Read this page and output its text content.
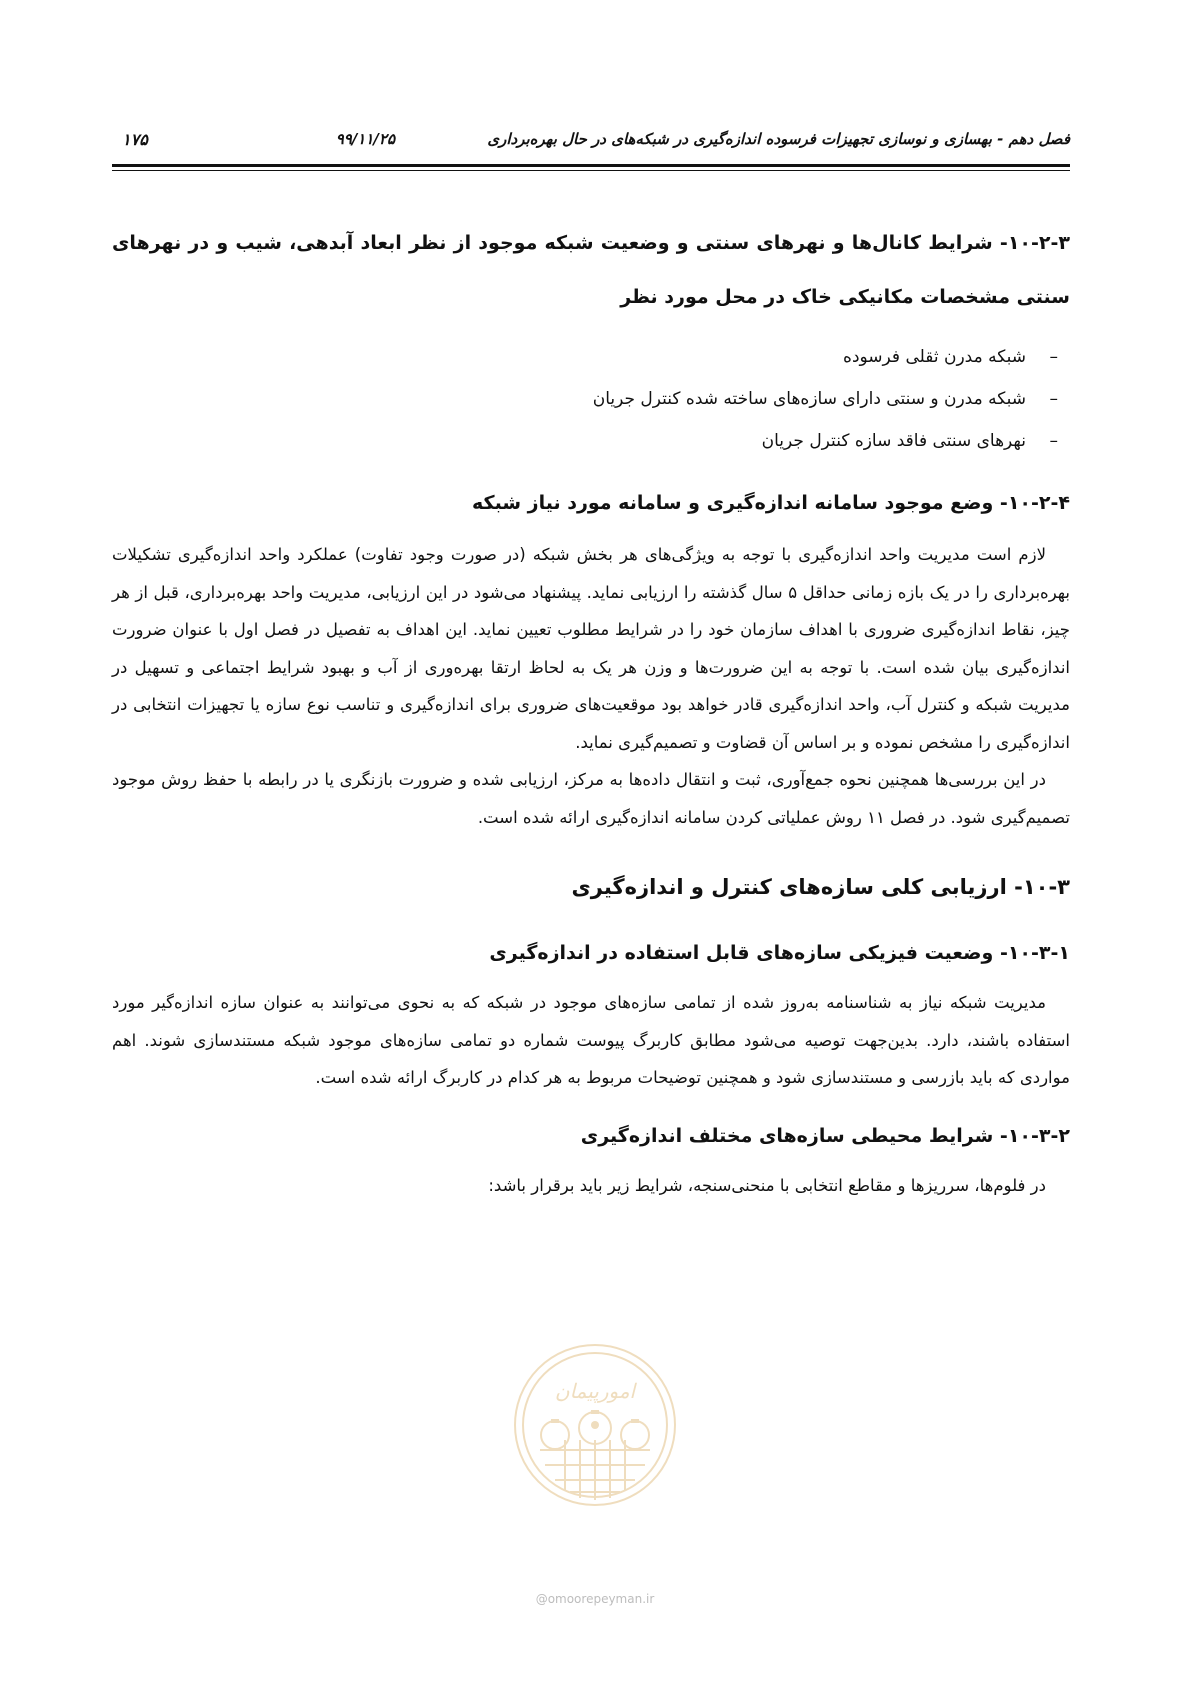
فصل دهم - بهسازی و نوسازی تجهیزات فرسوده اندازه‌گیری در شبکه‌های در حال بهره‌برداری
۹۹/۱۱/۲۵
۱۷۵
۱۰-۲-۳- شرایط کانال‌ها و نهرهای سنتی و وضعیت شبکه موجود از نظر ابعاد آبدهی، شیب و در نهرهای سنتی مشخصات مکانیکی خاک در محل مورد نظر
–
شبکه مدرن ثقلی فرسوده
–
شبکه مدرن و سنتی دارای سازه‌های ساخته شده کنترل جریان
–
نهرهای سنتی فاقد سازه کنترل جریان
۱۰-۲-۴- وضع موجود سامانه اندازه‌گیری و سامانه مورد نیاز شبکه

لازم است مدیریت واحد اندازه‌گیری با توجه به ویژگی‌های هر بخش شبکه (در صورت وجود تفاوت) عملکرد واحد اندازه‌گیری تشکیلات بهره‌برداری را در یک بازه زمانی حداقل ۵ سال گذشته را ارزیابی نماید. پیشنهاد می‌شود در این ارزیابی، مدیریت واحد بهره‌برداری، قبل از هر چیز، نقاط اندازه‌گیری ضروری با اهداف سازمان خود را در شرایط مطلوب تعیین نماید. این اهداف به تفصیل در فصل اول با عنوان ضرورت اندازه‌گیری بیان شده است. با توجه به این ضرورت‌ها و وزن هر یک به لحاظ ارتقا بهره‌وری از آب و بهبود شرایط اجتماعی و تسهیل در مدیریت شبکه و کنترل آب، واحد اندازه‌گیری قادر خواهد بود موقعیت‌های ضروری برای اندازه‌گیری و تناسب نوع سازه یا تجهیزات انتخابی در اندازه‌گیری را مشخص نموده و بر اساس آن قضاوت و تصمیم‌گیری نماید.

در این بررسی‌ها همچنین نحوه جمع‌آوری، ثبت و انتقال داده‌ها به مرکز، ارزیابی شده و ضرورت بازنگری یا در رابطه با حفظ روش موجود تصمیم‌گیری شود. در فصل ۱۱ روش عملیاتی کردن سامانه اندازه‌گیری ارائه شده است.

۱۰-۳- ارزیابی کلی سازه‌های کنترل و اندازه‌گیری
۱۰-۳-۱- وضعیت فیزیکی سازه‌های قابل استفاده در اندازه‌گیری

مدیریت شبکه نیاز به شناسنامه به‌روز شده از تمامی سازه‌های موجود در شبکه که به نحوی می‌توانند به عنوان سازه اندازه‌گیر مورد استفاده باشند، دارد. بدین‌جهت توصیه می‌شود مطابق کاربرگ پیوست شماره دو تمامی سازه‌های موجود شبکه مستندسازی شوند. اهم مواردی که باید بازرسی و مستندسازی شود و همچنین توضیحات مربوط به هر کدام در کاربرگ ارائه شده است.

۱۰-۳-۲- شرایط محیطی سازه‌های مختلف اندازه‌گیری

در فلوم‌ها، سرریزها و مقاطع انتخابی با منحنی‌سنجه، شرایط زیر باید برقرار باشد:

امورپیمان
@omoorepeyman.ir
